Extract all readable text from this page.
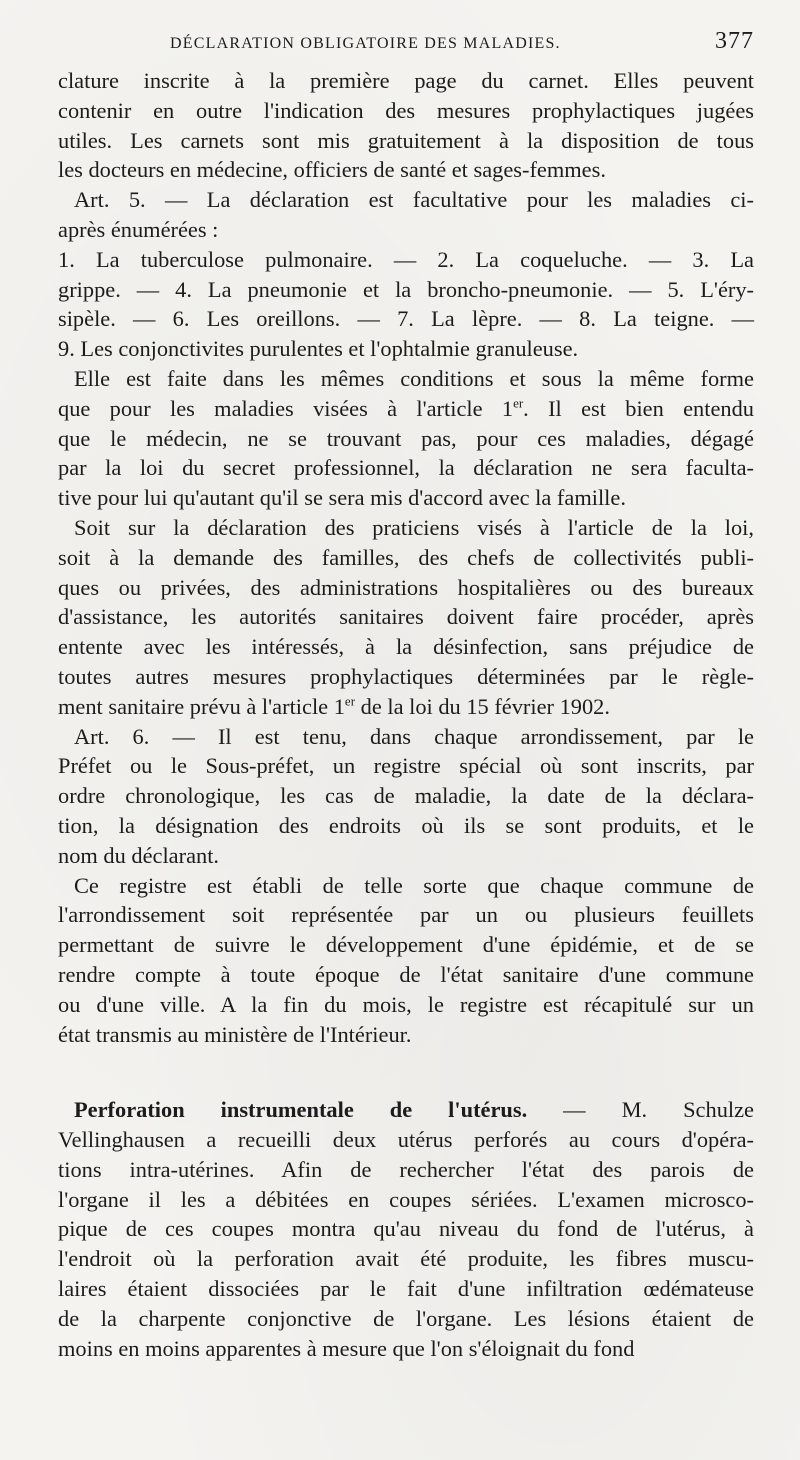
DÉCLARATION OBLIGATOIRE DES MALADIES.	377

clature inscrite à la première page du carnet. Elles peuvent
contenir en outre l'indication des mesures prophylactiques jugées
utiles. Les carnets sont mis gratuitement à la disposition de tous
les docteurs en médecine, officiers de santé et sages-femmes.

Art. 5. — La déclaration est facultative pour les maladies ci-
après énumérées :

1. La tuberculose pulmonaire. — 2. La coqueluche. — 3. La
grippe. — 4. La pneumonie et la broncho-pneumonie. — 5. L'éry-
sipèle. — 6. Les oreillons. — 7. La lèpre. — 8. La teigne. —
9. Les conjonctivites purulentes et l'ophtalmie granuleuse.

Elle est faite dans les mêmes conditions et sous la même forme
que pour les maladies visées à l'article 1er. Il est bien entendu
que le médecin, ne se trouvant pas, pour ces maladies, dégagé
par la loi du secret professionnel, la déclaration ne sera faculta-
tive pour lui qu'autant qu'il se sera mis d'accord avec la famille.

Soit sur la déclaration des praticiens visés à l'article de la loi,
soit à la demande des familles, des chefs de collectivités publi-
ques ou privées, des administrations hospitalières ou des bureaux
d'assistance, les autorités sanitaires doivent faire procéder, après
entente avec les intéressés, à la désinfection, sans préjudice de
toutes autres mesures prophylactiques déterminées par le règle-
ment sanitaire prévu à l'article 1er de la loi du 15 février 1902.

Art. 6. — Il est tenu, dans chaque arrondissement, par le
Préfet ou le Sous-préfet, un registre spécial où sont inscrits, par
ordre chronologique, les cas de maladie, la date de la déclara-
tion, la désignation des endroits où ils se sont produits, et le
nom du déclarant.

Ce registre est établi de telle sorte que chaque commune de
l'arrondissement soit représentée par un ou plusieurs feuillets
permettant de suivre le développement d'une épidémie, et de se
rendre compte à toute époque de l'état sanitaire d'une commune
ou d'une ville. A la fin du mois, le registre est récapitulé sur un
état transmis au ministère de l'Intérieur.

Perforation instrumentale de l'utérus. — M. Schulze
Vellinghausen a recueilli deux utérus perforés au cours d'opéra-
tions intra-utérines. Afin de rechercher l'état des parois de
l'organe il les a débitées en coupes sériées. L'examen microsco-
pique de ces coupes montra qu'au niveau du fond de l'utérus, à
l'endroit où la perforation avait été produite, les fibres muscu-
laires étaient dissociées par le fait d'une infiltration œdémateuse
de la charpente conjonctive de l'organe. Les lésions étaient de
moins en moins apparentes à mesure que l'on s'éloignait du fond
